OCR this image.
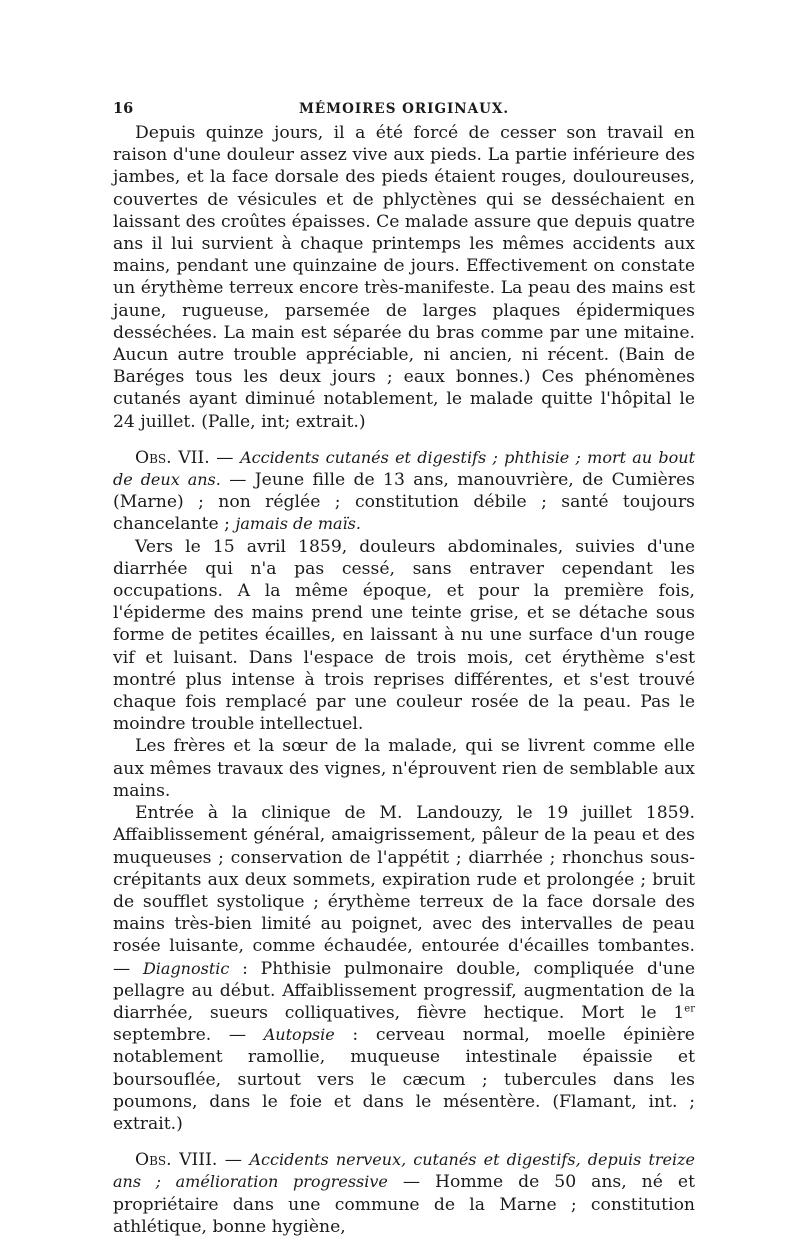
16	MÉMOIRES ORIGINAUX.

Depuis quinze jours, il a été forcé de cesser son travail en raison d'une douleur assez vive aux pieds. La partie inférieure des jambes, et la face dorsale des pieds étaient rouges, douloureuses, couvertes de vésicules et de phlyctènes qui se desséchaient en laissant des croûtes épaisses. Ce malade assure que depuis quatre ans il lui survient à chaque printemps les mêmes accidents aux mains, pendant une quinzaine de jours. Effectivement on constate un érythème terreux encore très-manifeste. La peau des mains est jaune, rugueuse, parsemée de larges plaques épidermiques desséchées. La main est séparée du bras comme par une mitaine. Aucun autre trouble appréciable, ni ancien, ni récent. (Bain de Baréges tous les deux jours ; eaux bonnes.) Ces phénomènes cutanés ayant diminué notablement, le malade quitte l'hôpital le 24 juillet. (Palle, int; extrait.)

Obs. VII. — Accidents cutanés et digestifs ; phthisie ; mort au bout de deux ans. — Jeune fille de 13 ans, manouvrière, de Cumières (Marne) ; non réglée ; constitution débile ; santé toujours chancelante ; jamais de maïs.

Vers le 15 avril 1859, douleurs abdominales, suivies d'une diarrhée qui n'a pas cessé, sans entraver cependant les occupations. A la même époque, et pour la première fois, l'épiderme des mains prend une teinte grise, et se détache sous forme de petites écailles, en laissant à nu une surface d'un rouge vif et luisant. Dans l'espace de trois mois, cet érythème s'est montré plus intense à trois reprises différentes, et s'est trouvé chaque fois remplacé par une couleur rosée de la peau. Pas le moindre trouble intellectuel.

Les frères et la sœur de la malade, qui se livrent comme elle aux mêmes travaux des vignes, n'éprouvent rien de semblable aux mains.

Entrée à la clinique de M. Landouzy, le 19 juillet 1859. Affaiblissement général, amaigrissement, pâleur de la peau et des muqueuses ; conservation de l'appétit ; diarrhée ; rhonchus sous-crépitants aux deux sommets, expiration rude et prolongée ; bruit de soufflet systolique ; érythème terreux de la face dorsale des mains très-bien limité au poignet, avec des intervalles de peau rosée luisante, comme échaudée, entourée d'écailles tombantes. — Diagnostic : Phthisie pulmonaire double, compliquée d'une pellagre au début. Affaiblissement progressif, augmentation de la diarrhée, sueurs colliquatives, fièvre hectique. Mort le 1er septembre. — Autopsie : cerveau normal, moelle épinière notablement ramollie, muqueuse intestinale épaissie et boursouflée, surtout vers le cæcum ; tubercules dans les poumons, dans le foie et dans le mésentère. (Flamant, int. ; extrait.)

Obs. VIII. — Accidents nerveux, cutanés et digestifs, depuis treize ans ; amélioration progressive — Homme de 50 ans, né et propriétaire dans une commune de la Marne ; constitution athlétique, bonne hygiène,
